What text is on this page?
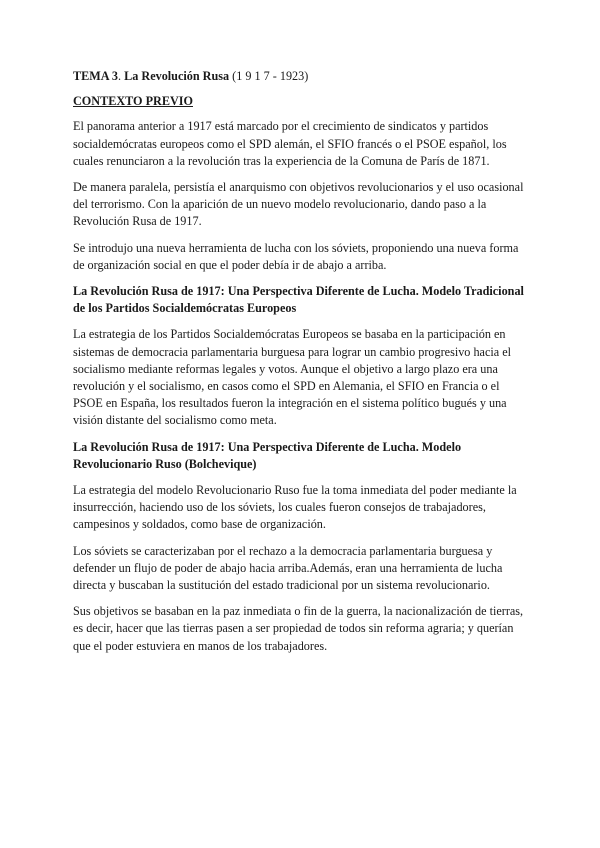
TEMA 3. La Revolución Rusa (1 9 1 7 - 1923)

CONTEXTO PREVIO

El panorama anterior a 1917 está marcado por el crecimiento de sindicatos y partidos socialdemócratas europeos como el SPD alemán, el SFIO francés o el PSOE español, los cuales renunciaron a la revolución tras la experiencia de la Comuna de París de 1871.

De manera paralela, persistía el anarquismo con objetivos revolucionarios y el uso ocasional del terrorismo. Con la aparición de un nuevo modelo revolucionario, dando paso a la Revolución Rusa de 1917.

Se introdujo una nueva herramienta de lucha con los sóviets, proponiendo una nueva forma de organización social en que el poder debía ir de abajo a arriba.

La Revolución Rusa de 1917: Una Perspectiva Diferente de Lucha. Modelo Tradicional de los Partidos Socialdemócratas Europeos

La estrategia de los Partidos Socialdemócratas Europeos se basaba en la participación en sistemas de democracia parlamentaria burguesa para lograr un cambio progresivo hacia el socialismo mediante reformas legales y votos. Aunque el objetivo a largo plazo era una revolución y el socialismo, en casos como el SPD en Alemania, el SFIO en Francia o el PSOE en España, los resultados fueron la integración en el sistema político bugués y una visión distante del socialismo como meta.

La Revolución Rusa de 1917: Una Perspectiva Diferente de Lucha. Modelo Revolucionario Ruso (Bolchevique)

La estrategia del modelo Revolucionario Ruso fue la toma inmediata del poder mediante la insurrección, haciendo uso de los sóviets, los cuales fueron consejos de trabajadores, campesinos y soldados, como base de organización.

Los sóviets se caracterizaban por el rechazo a la democracia parlamentaria burguesa y defender un flujo de poder de abajo hacia arriba.Además, eran una herramienta de lucha directa y buscaban la sustitución del estado tradicional por un sistema revolucionario.

Sus objetivos se basaban en la paz inmediata o fin de la guerra, la nacionalización de tierras, es decir, hacer que las tierras pasen a ser propiedad de todos sin reforma agraria; y querían que el poder estuviera en manos de los trabajadores.
